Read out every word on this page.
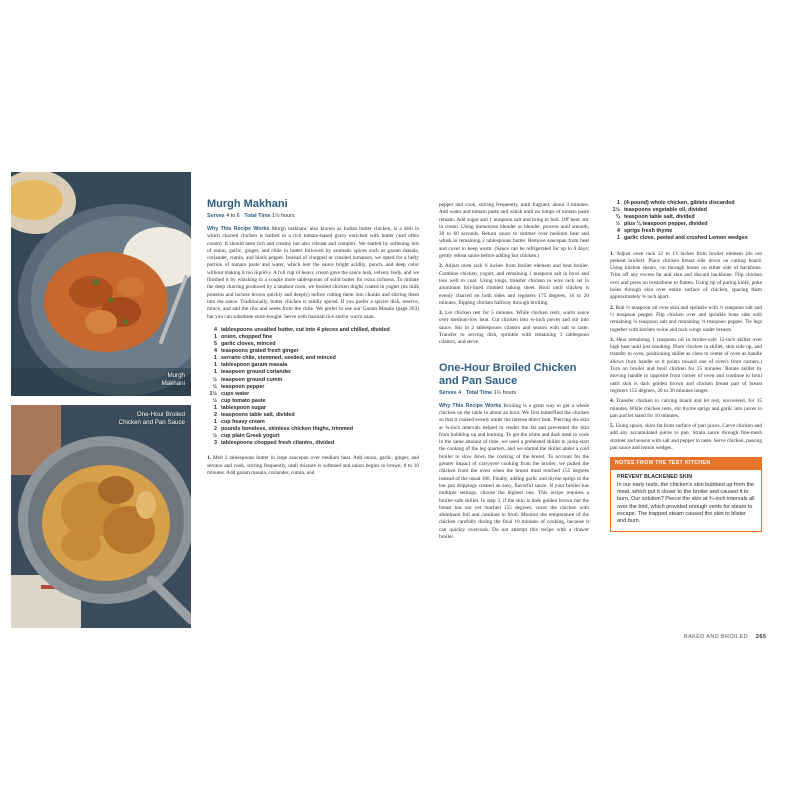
Murgh
Makhani
One-Hour Broiled
Chicken and Pan Sauce
Murgh Makhani
Serves 4 to 6 Total Time 1½ hours

Why This Recipe Works Murgh makhani, also known as Indian butter chicken, is a dish in which charred chicken is bathed in a rich tomato-based gravy enriched with butter (and often cream). It should taste rich and creamy but also vibrant and complex. We started by softening lots of onion, garlic, ginger, and chile in butter followed by aromatic spices such as garam masala, coriander, cumin, and black pepper. Instead of chopped or crushed tomatoes, we opted for a hefty portion of tomato paste and water, which lent the sauce bright acidity, punch, and deep color without making it too liquid-y. A full cup of heavy cream gave the sauce lush, velvety body, and we finished it by whisking in a couple more tablespoons of solid butter for extra richness. To imitate the deep charring produced by a tandoor oven, we broiled chicken thighs coated in yogurt (its milk proteins and lactose brown quickly and deeply) before cutting them into chunks and stirring them into the sauce. Traditionally, butter chicken is mildly spiced. If you prefer a spicier dish, reserve, mince, and add the ribs and seeds from the chile. We prefer to use our Garam Masala (page 263) but you can substitute store-bought. Serve with basmati rice and/or warm naan.

4 tablespoons unsalted butter, cut into 4 pieces and chilled, divided
1 onion, chopped fine
5 garlic cloves, minced
4 teaspoons grated fresh ginger
1 serrano chile, stemmed, seeded, and minced
1 tablespoon garam masala
1 teaspoon ground coriander
½ teaspoon ground cumin
½ teaspoon pepper
1½ cups water
½ cup tomato paste
1 tablespoon sugar
2 teaspoons table salt, divided
1 cup heavy cream
2 pounds boneless, skinless chicken thighs, trimmed
½ cup plain Greek yogurt
3 tablespoons chopped fresh cilantro, divided

1. Melt 2 tablespoons butter in large saucepan over medium heat. Add onion, garlic, ginger, and serrano and cook, stirring frequently, until mixture is softened and onion begins to brown, 8 to 10 minutes. Add garam masala, coriander, cumin, and

pepper and cook, stirring frequently, until fragrant, about 3 minutes. Add water and tomato paste and whisk until no lumps of tomato paste remain. Add sugar and 1 teaspoon salt and bring to boil. Off heat, stir in cream. Using immersion blender or blender, process until smooth, 30 to 60 seconds. Return sauce to simmer over medium heat and whisk in remaining 2 tablespoons butter. Remove saucepan from heat and cover to keep warm. (Sauce can be refrigerated for up to 4 days; gently reheat sauce before adding hot chicken.)

2. Adjust oven rack 6 inches from broiler element and heat broiler. Combine chicken, yogurt, and remaining 1 teaspoon salt in bowl and toss well to coat. Using tongs, transfer chicken to wire rack set in aluminum foil-lined rimmed baking sheet. Broil until chicken is evenly charred on both sides and registers 175 degrees, 16 to 20 minutes, flipping chicken halfway through broiling.

3. Let chicken rest for 5 minutes. While chicken rests, warm sauce over medium-low heat. Cut chicken into ¾-inch pieces and stir into sauce. Stir in 2 tablespoons cilantro and season with salt to taste. Transfer to serving dish, sprinkle with remaining 1 tablespoon cilantro, and serve.

One-Hour Broiled Chicken and Pan Sauce
Serves 4 Total Time 1¼ hours

Why This Recipe Works Broiling is a great way to get a whole chicken on the table in about an hour. We first butterflied the chicken so that it cooked evenly under the intense direct heat. Piercing the skin at ¾-inch intervals helped to render the fat and prevented the skin from bubbling up and burning. To get the white and dark meat to cook in the same amount of time, we used a preheated skillet to jump-start the cooking of the leg quarters, and we started the skillet under a cold broiler to slow down the cooking of the breast. To account for the greater impact of carryover cooking from the broiler, we pulled the chicken from the oven when the breast meat reached 155 degrees instead of the usual 160. Finally, adding garlic and thyme sprigs to the hot pan drippings created an easy, flavorful sauce. If your broiler has multiple settings, choose the highest one. This recipe requires a broiler-safe skillet. In step 3, if the skin is dark golden brown but the breast has not yet reached 155 degrees, cover the chicken with aluminum foil and continue to broil. Monitor the temperature of the chicken carefully during the final 10 minutes of cooking, because it can quickly overcook. Do not attempt this recipe with a drawer broiler.

1 (4-pound) whole chicken, giblets discarded
1½ teaspoons vegetable oil, divided
¾ teaspoon table salt, divided
½ plus ⅛ teaspoon pepper, divided
4 sprigs fresh thyme
1 garlic clove, peeled and crushed Lemon wedges

1. Adjust oven rack 12 to 13 inches from broiler element (do not preheat broiler). Place chicken breast side down on cutting board. Using kitchen shears, cut through bones on either side of backbone. Trim off any excess fat and skin and discard backbone. Flip chicken over and press on breastbone to flatten. Using tip of paring knife, poke holes through skin over entire surface of chicken, spacing them approximately ¾ inch apart.

2. Rub ½ teaspoon oil over skin and sprinkle with ½ teaspoon salt and ½ teaspoon pepper. Flip chicken over and sprinkle bone side with remaining ¼ teaspoon salt and remaining ⅛ teaspoon pepper. Tie legs together with kitchen twine and tuck wings under breasts.

3. Heat remaining 1 teaspoon oil in broiler-safe 12-inch skillet over high heat until just smoking. Place chicken in skillet, skin side up, and transfer to oven, positioning skillet as close to center of oven as handle allows (turn handle so it points toward one of oven's front corners.) Turn on broiler and broil chicken for 25 minutes. Rotate skillet by moving handle to opposite front corner of oven and continue to broil until skin is dark golden brown and chicken breast part of breast registers 155 degrees, 20 to 30 minutes longer.

4. Transfer chicken to carving board and let rest, uncovered, for 15 minutes. While chicken rests, stir thyme sprigs and garlic into juices in pan and let stand for 10 minutes.

5. Using spoon, skim fat from surface of pan juices. Carve chicken and add any accumulated juices to pan. Strain sauce through fine-mesh strainer and season with salt and pepper to taste. Serve chicken, passing pan sauce and lemon wedges.

NOTES FROM THE TEST KITCHEN
PREVENT BLACKENED SKIN
In our early tests, the chicken's skin bubbled up from the meat, which put it closer to the broiler and caused it to burn. Our solution? Pierce the skin at ¾-inch intervals all over the bird, which provided enough vents for steam to escape. The trapped steam caused the skin to blister and burn.
BAKED AND BROILED 265
